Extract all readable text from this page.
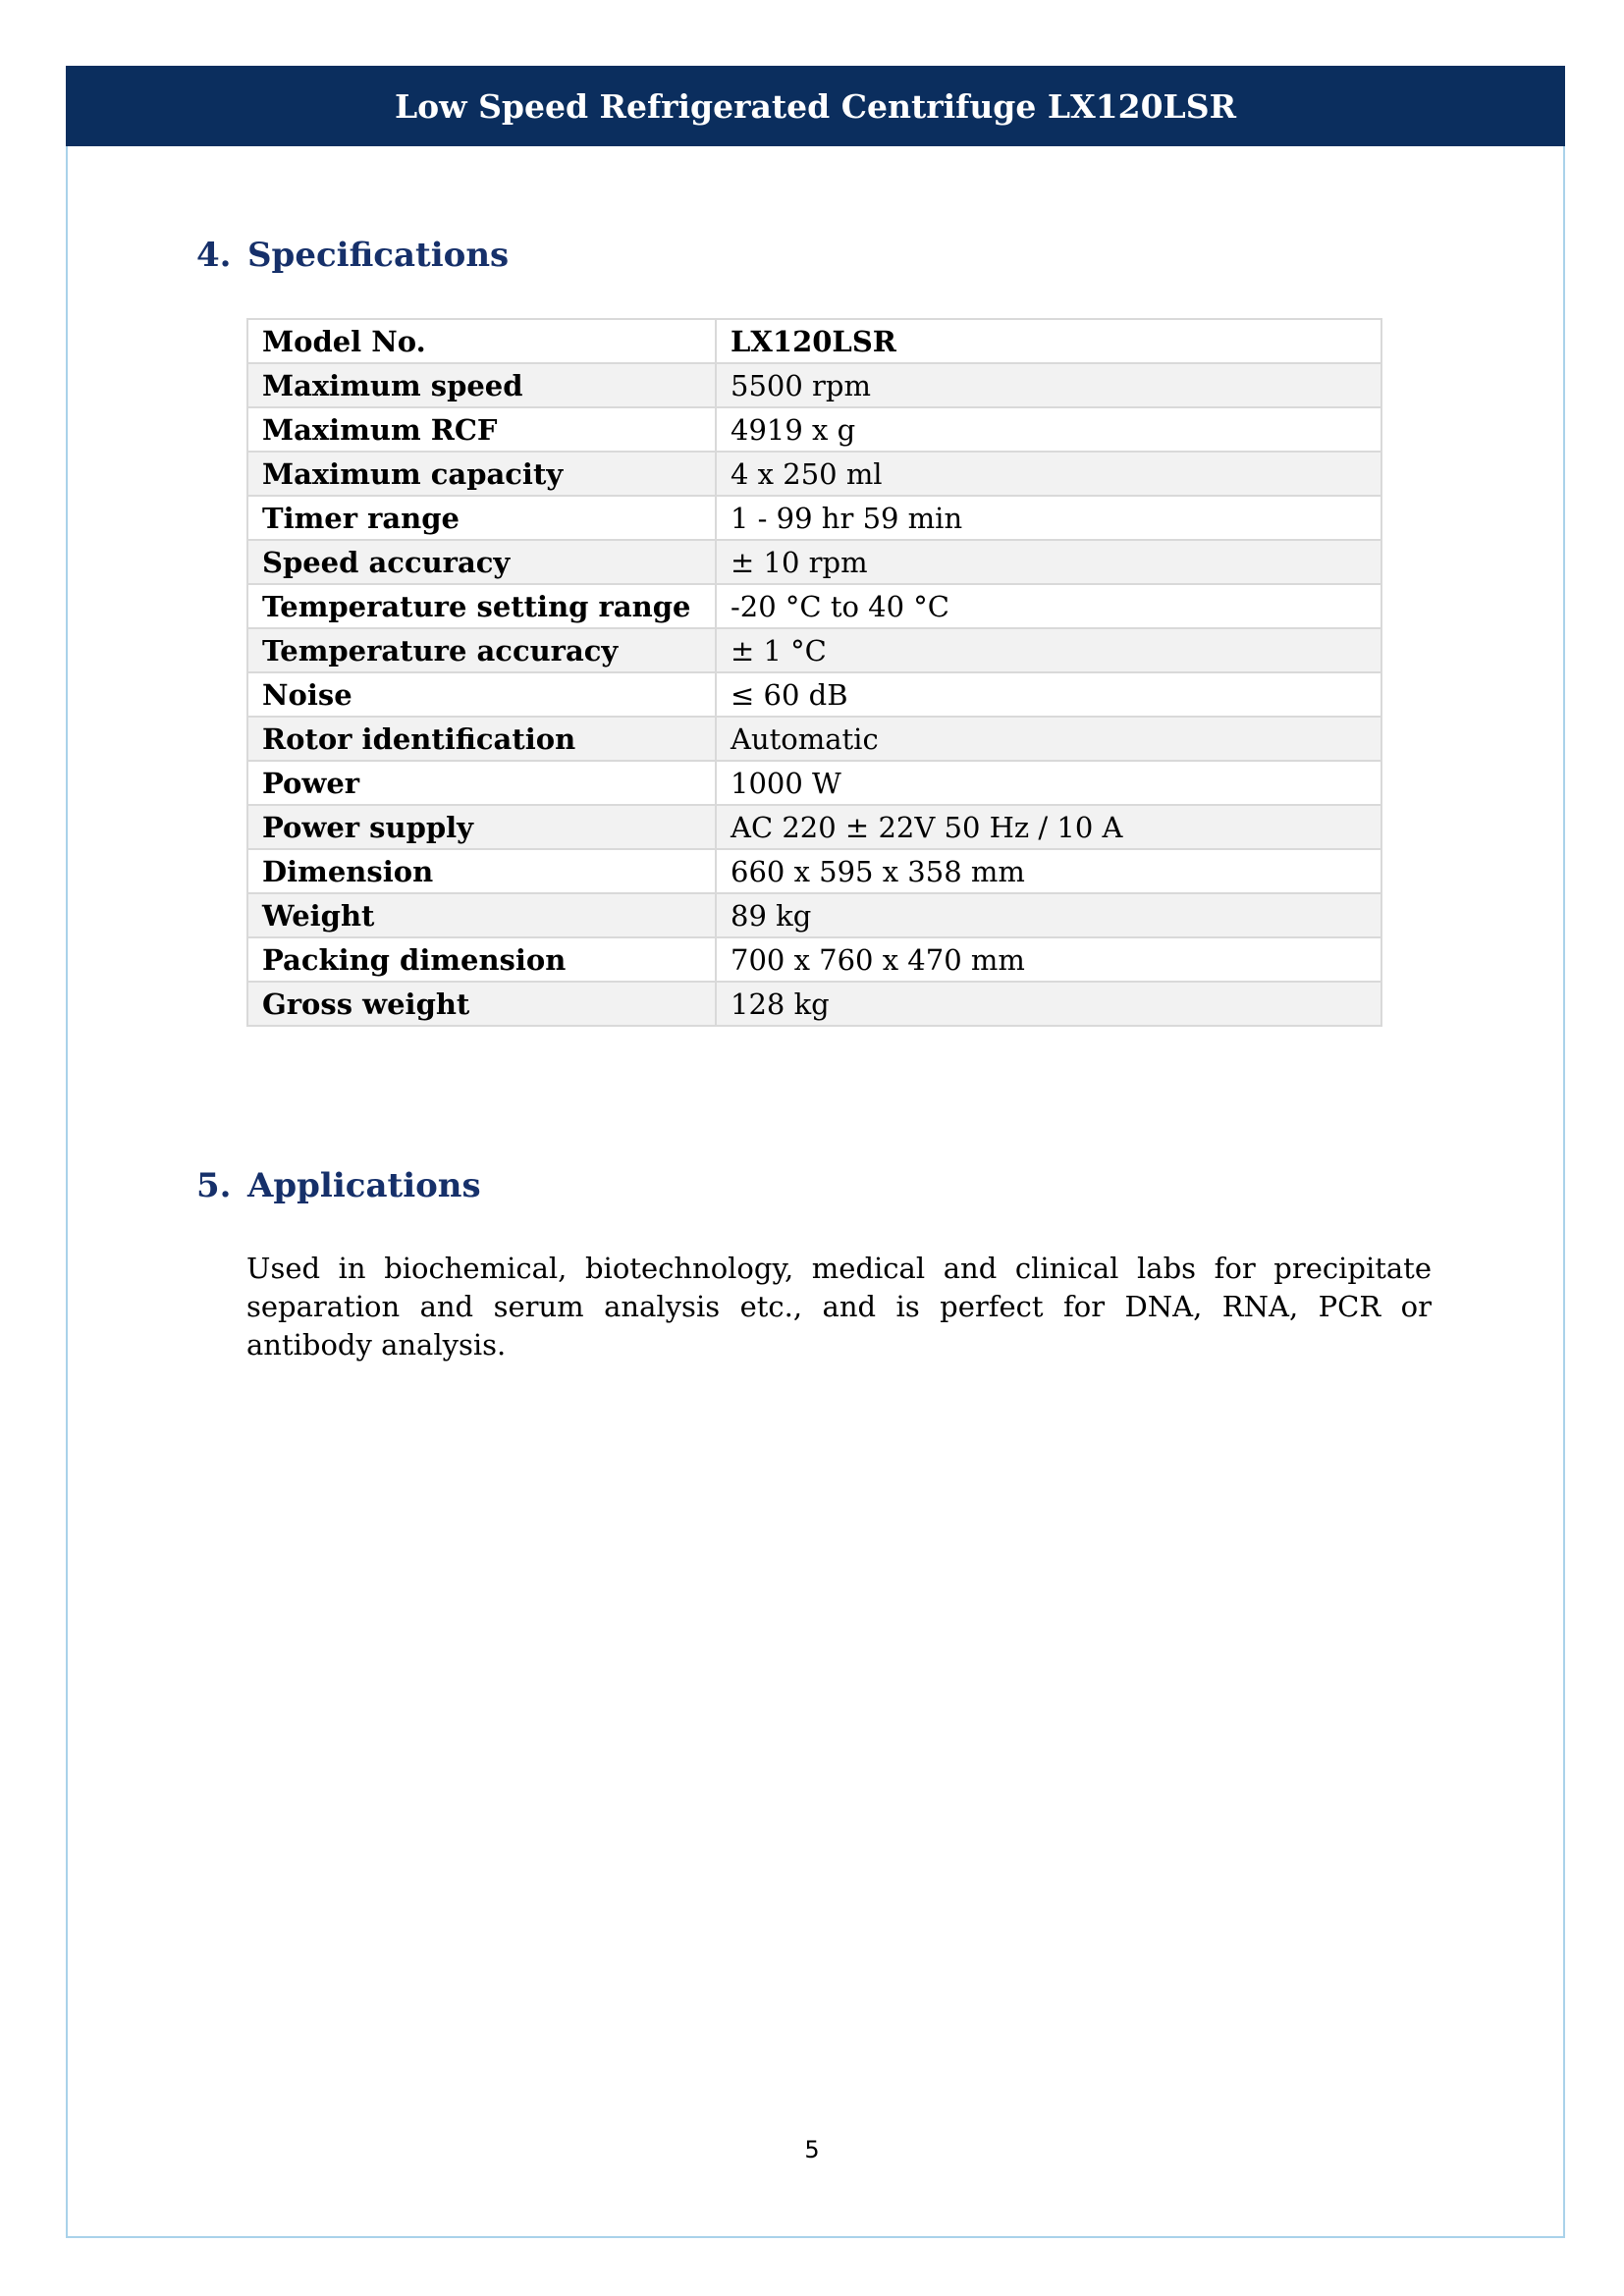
Low Speed Refrigerated Centrifuge LX120LSR
4. Specifications
Model No.	LX120LSR
Maximum speed	5500 rpm
Maximum RCF	4919 x g
Maximum capacity	4 x 250 ml
Timer range	1 - 99 hr 59 min
Speed accuracy	± 10 rpm
Temperature setting range	-20 °C to 40 °C
Temperature accuracy	± 1 °C
Noise	≤ 60 dB
Rotor identification	Automatic
Power	1000 W
Power supply	AC 220 ± 22V 50 Hz / 10 A
Dimension	660 x 595 x 358 mm
Weight	89 kg
Packing dimension	700 x 760 x 470 mm
Gross weight	128 kg
5. Applications

Used in biochemical, biotechnology, medical and clinical labs for precipitate separation and serum analysis etc., and is perfect for DNA, RNA, PCR or antibody analysis.

5
